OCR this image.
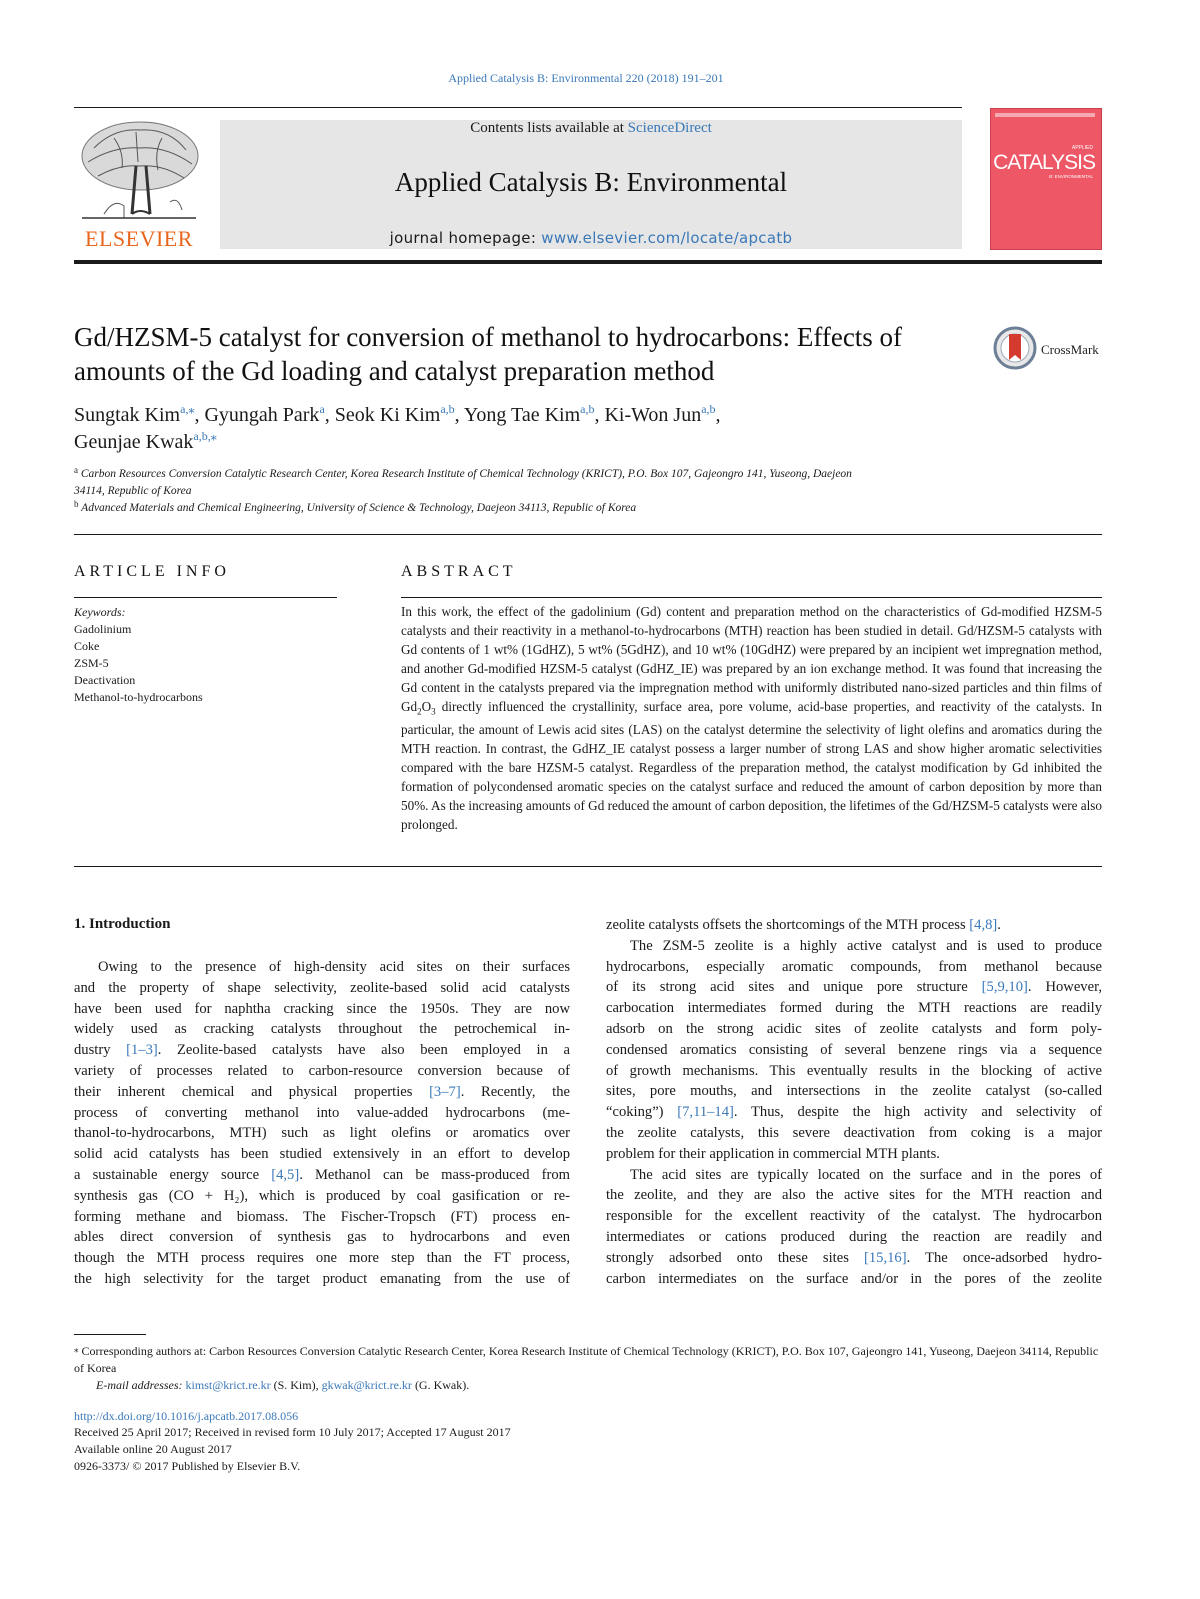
Applied Catalysis B: Environmental 220 (2018) 191–201
ELSEVIER
Contents lists available at ScienceDirect
Applied Catalysis B: Environmental
journal homepage: www.elsevier.com/locate/apcatb
APPLIED
CATALYSIS
B: ENVIRONMENTAL
Gd/HZSM-5 catalyst for conversion of methanol to hydrocarbons: Effects of
amounts of the Gd loading and catalyst preparation method
CrossMark
Sungtak Kim$^{a,⁎}$, Gyungah Park$^a$, Seok Ki Kim$^{a,b}$, Yong Tae Kim$^{a,b}$, Ki-Won Jun$^{a,b}$,
Geunjae Kwak$^{a,b,⁎}$
$^a$ Carbon Resources Conversion Catalytic Research Center, Korea Research Institute of Chemical Technology (KRICT), P.O. Box 107, Gajeongro 141, Yuseong, Daejeon
34114, Republic of Korea
$^b$ Advanced Materials and Chemical Engineering, University of Science & Technology, Daejeon 34113, Republic of Korea
ARTICLE INFO
Keywords:
Gadolinium
Coke
ZSM-5
Deactivation
Methanol-to-hydrocarbons
ABSTRACT
In this work, the effect of the gadolinium (Gd) content and preparation method on the characteristics of Gd-modified HZSM-5 catalysts and their reactivity in a methanol-to-hydrocarbons (MTH) reaction has been studied in detail. Gd/HZSM-5 catalysts with Gd contents of 1 wt% (1GdHZ), 5 wt% (5GdHZ), and 10 wt% (10GdHZ) were prepared by an incipient wet impregnation method, and another Gd-modified HZSM-5 catalyst (GdHZ_IE) was prepared by an ion exchange method. It was found that increasing the Gd content in the catalysts prepared via the impregnation method with uniformly distributed nano-sized particles and thin films of $Gd_2O_3$ directly influenced the crystallinity, surface area, pore volume, acid-base properties, and reactivity of the catalysts. In particular, the amount of Lewis acid sites (LAS) on the catalyst determine the selectivity of light olefins and aromatics during the MTH reaction. In contrast, the GdHZ_IE catalyst possess a larger number of strong LAS and show higher aromatic selectivities compared with the bare HZSM-5 catalyst. Regardless of the preparation method, the catalyst modification by Gd inhibited the formation of polycondensed aromatic species on the catalyst surface and reduced the amount of carbon deposition by more than 50%. As the increasing amounts of Gd reduced the amount of carbon deposition, the lifetimes of the Gd/HZSM-5 catalysts were also prolonged.
1. Introduction

Owing to the presence of high-density acid sites on their surfaces

and the property of shape selectivity, zeolite-based solid acid catalysts

have been used for naphtha cracking since the 1950s. They are now

widely used as cracking catalysts throughout the petrochemical in-

dustry [1–3]. Zeolite-based catalysts have also been employed in a

variety of processes related to carbon-resource conversion because of

their inherent chemical and physical properties [3–7]. Recently, the

process of converting methanol into value-added hydrocarbons (me-

thanol-to-hydrocarbons, MTH) such as light olefins or aromatics over

solid acid catalysts has been studied extensively in an effort to develop

a sustainable energy source [4,5]. Methanol can be mass-produced from

synthesis gas (CO + H₂), which is produced by coal gasification or re-

forming methane and biomass. The Fischer-Tropsch (FT) process en-

ables direct conversion of synthesis gas to hydrocarbons and even

though the MTH process requires one more step than the FT process,

the high selectivity for the target product emanating from the use of

zeolite catalysts offsets the shortcomings of the MTH process [4,8].

The ZSM-5 zeolite is a highly active catalyst and is used to produce

hydrocarbons, especially aromatic compounds, from methanol because

of its strong acid sites and unique pore structure [5,9,10]. However,

carbocation intermediates formed during the MTH reactions are readily

adsorb on the strong acidic sites of zeolite catalysts and form poly-

condensed aromatics consisting of several benzene rings via a sequence

of growth mechanisms. This eventually results in the blocking of active

sites, pore mouths, and intersections in the zeolite catalyst (so-called

“coking”) [7,11–14]. Thus, despite the high activity and selectivity of

the zeolite catalysts, this severe deactivation from coking is a major

problem for their application in commercial MTH plants.

The acid sites are typically located on the surface and in the pores of

the zeolite, and they are also the active sites for the MTH reaction and

responsible for the excellent reactivity of the catalyst. The hydrocarbon

intermediates or cations produced during the reaction are readily and

strongly adsorbed onto these sites [15,16]. The once-adsorbed hydro-

carbon intermediates on the surface and/or in the pores of the zeolite

⁎ Corresponding authors at: Carbon Resources Conversion Catalytic Research Center, Korea Research Institute of Chemical Technology (KRICT), P.O. Box 107, Gajeongro 141, Yuseong, Daejeon 34114, Republic of Korea
E-mail addresses: kimst@krict.re.kr (S. Kim), gkwak@krict.re.kr (G. Kwak).
http://dx.doi.org/10.1016/j.apcatb.2017.08.056
Received 25 April 2017; Received in revised form 10 July 2017; Accepted 17 August 2017
Available online 20 August 2017
0926-3373/ © 2017 Published by Elsevier B.V.
